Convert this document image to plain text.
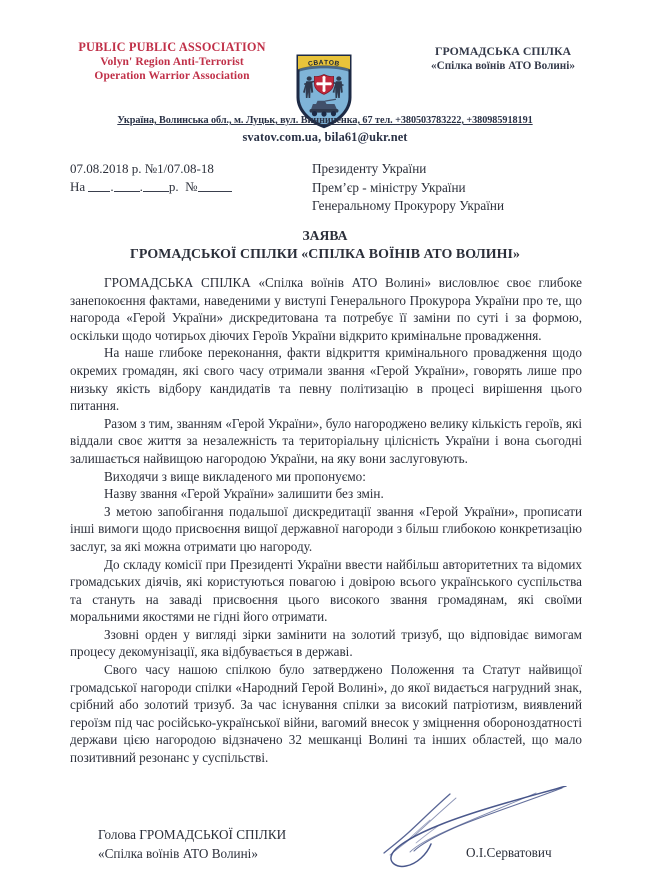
PUBLIC PUBLIC ASSOCIATION
Volyn' Region Anti-Terrorist
Operation Warrior Association
СВАТОВ
ГРОМАДСЬКА СПІЛКА
«Спілка воїнів АТО Волині»
Україна, Волинська обл., м. Луцьк, вул. Винниченка, 67 тел. +380503783222, +380985918191
svatov.com.ua, bila61@ukr.net
07.08.2018 р. №1/07.08-18
На . . р. №
Президенту України
Прем’єр - міністру України
Генеральному Прокурору України
ЗАЯВА
ГРОМАДСЬКОЇ СПІЛКИ «СПІЛКА ВОЇНІВ АТО ВОЛИНІ»

ГРОМАДСЬКА СПІЛКА «Спілка воїнів АТО Волині» висловлює своє глибоке занепокоєння фактами, наведеними у виступі Генерального Прокурора України про те, що нагорода «Герой України» дискредитована та потребує її заміни по суті і за формою, оскільки щодо чотирьох діючих Героїв України відкрито кримінальне провадження.

На наше глибоке переконання, факти відкриття кримінального провадження щодо окремих громадян, які свого часу отримали звання «Герой України», говорять лише про низьку якість відбору кандидатів та певну політизацію в процесі вирішення цього питання.

Разом з тим, званням «Герой України», було нагороджено велику кількість героїв, які віддали своє життя за незалежність та територіальну цілісність України і вона сьогодні залишається найвищою нагородою України, на яку вони заслуговують.

Виходячи з вище викладеного ми пропонуємо:

Назву звання «Герой України» залишити без змін.

З метою запобігання подальшої дискредитації звання «Герой України», прописати інші вимоги щодо присвоєння вищої державної нагороди з більш глибокою конкретизацію заслуг, за які можна отримати цю нагороду.

До складу комісії при Президенті України ввести найбільш авторитетних та відомих громадських діячів, які користуються повагою і довірою всього українського суспільства та стануть на заваді присвоєння цього високого звання громадянам, які своїми моральними якостями не гідні його отримати.

Ззовні орден у вигляді зірки замінити на золотий тризуб, що відповідає вимогам процесу декомунізації, яка відбувається в державі.

Свого часу нашою спілкою було затверджено Положення та Статут найвищої громадської нагороди спілки «Народний Герой Волині», до якої видається нагрудний знак, срібний або золотий тризуб. За час існування спілки за високий патріотизм, виявлений героїзм під час російсько-української війни, вагомий внесок у зміцнення обороноздатності держави цією нагородою відзначено 32 мешканці Волині та інших областей, що мало позитивний резонанс у суспільстві.

Голова ГРОМАДСЬКОЇ СПІЛКИ
«Спілка воїнів АТО Волині»	О.І.Серватович
